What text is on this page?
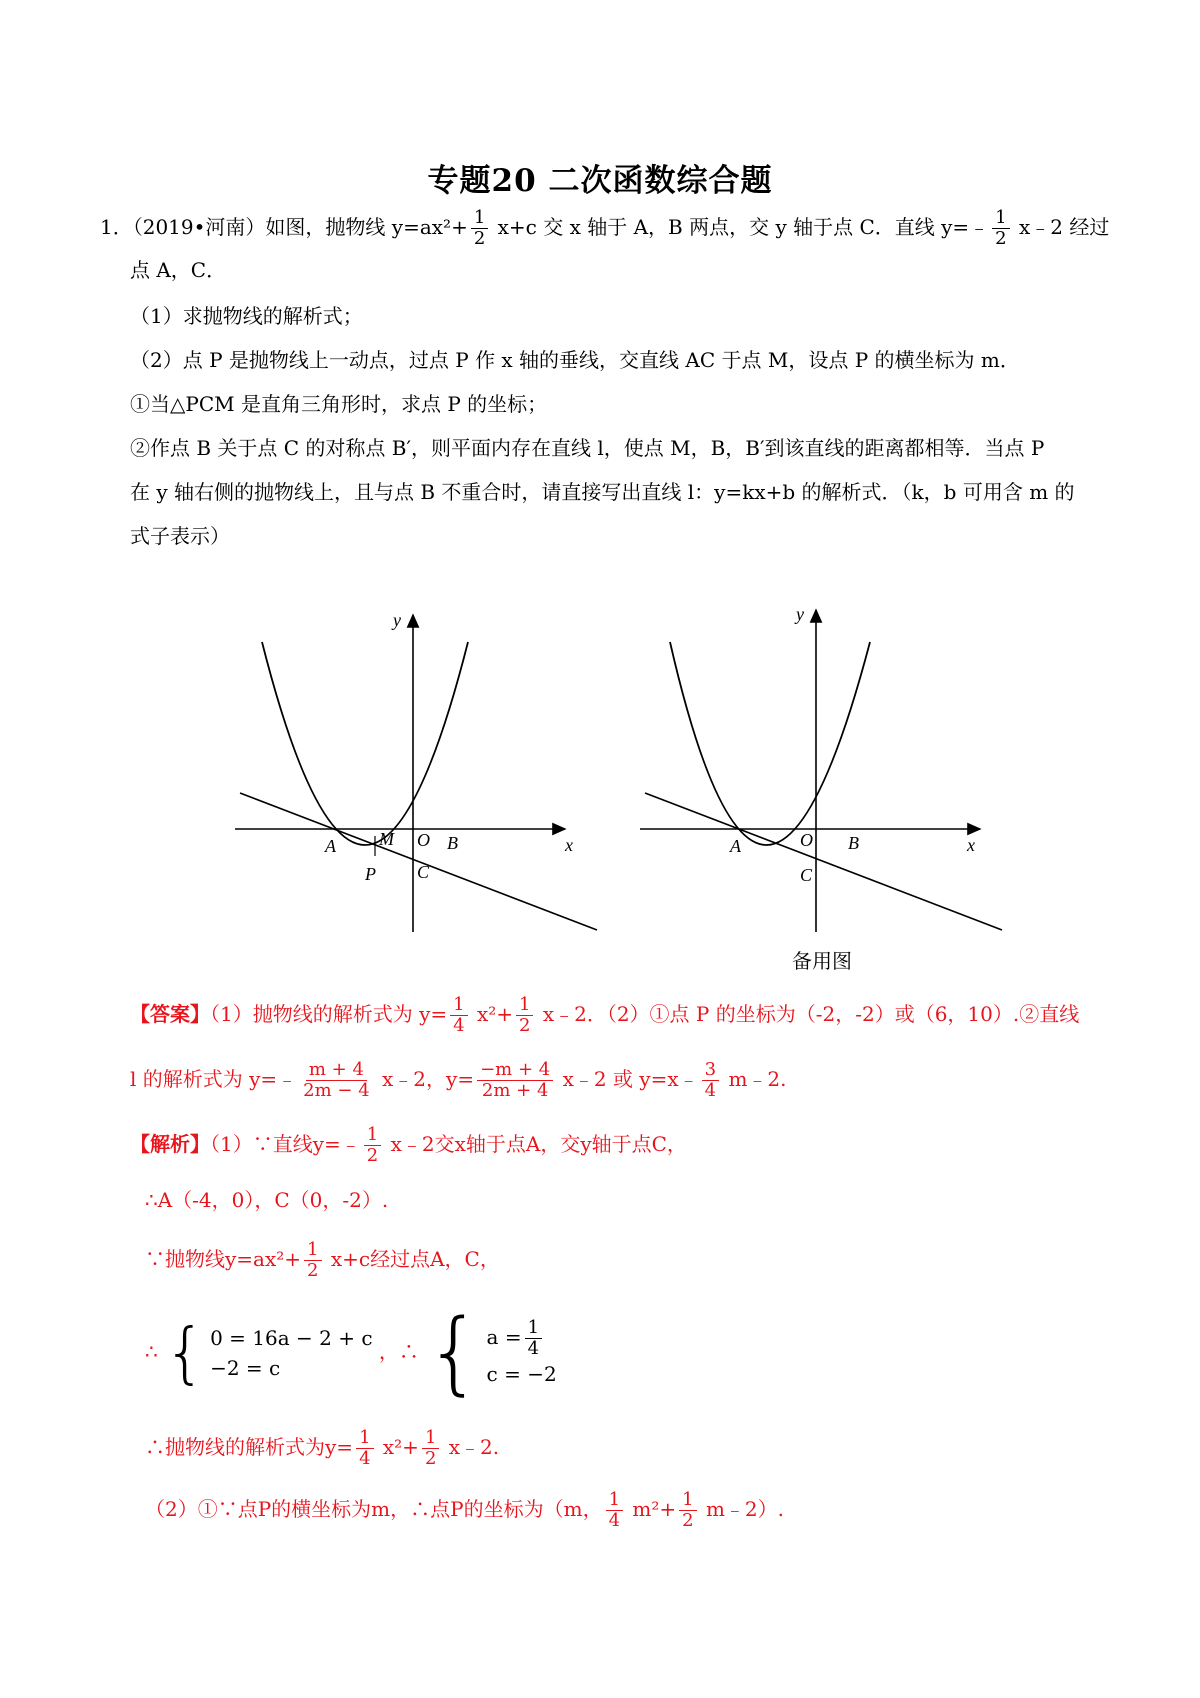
专题20 二次函数综合题
1．（2019•河南）如图，抛物线 $y=ax^2+ \frac{1}{2} x+c$ 交 x 轴于 A，B 两点，交 y 轴于点 C．直线 y=﹣ $\frac{1}{2}$ x﹣2 经过
点 A，C．
（1）求抛物线的解析式；
（2）点 P 是抛物线上一动点，过点 P 作 x 轴的垂线，交直线 AC 于点 M，设点 P 的横坐标为 m．
①当△PCM 是直角三角形时，求点 P 的坐标；
②作点 B 关于点 C 的对称点 B′，则平面内存在直线 l，使点 M，B，B′到该直线的距离都相等．当点 P
在 y 轴右侧的抛物线上，且与点 B 不重合时，请直接写出直线 l：y=kx+b 的解析式．（k，b 可用含 m 的
式子表示）
y
x
A M O B
P C
y
x
A	O B
C
备用图
【答案】（1）抛物线的解析式为 $y= \frac{1}{4} x^2+ \frac{1}{2}$ x﹣2．（2）①点 P 的坐标为（-2，-2）或（6，10）.②直线
l 的解析式为 y=﹣ $\frac{m + 4}{2m - 4}$ x﹣2，$y= \frac{-m + 4}{2m + 4}$ x﹣2 或 y=x﹣ $\frac{3}{4}$ m﹣2.
【解析】（1）∵直线y=﹣ $\frac{1}{2}$ x﹣2交x轴于点A，交y轴于点C，
∴A（-4，0），C（0，-2）.
∵抛物线$y=ax^2+ \frac{1}{2} x+c$经过点A，C，
∴ { 0 = 16a − 2 + c
−2 = c
，∴ { $a = \frac{1}{4}$
c = −2
∴抛物线的解析式为$y= \frac{1}{4} x^2+ \frac{1}{2}$ x﹣2.
（2）①∵点P的横坐标为m，∴点P的坐标为（m， $\frac{1}{4} m^2+ \frac{1}{2}$ m﹣2）.
